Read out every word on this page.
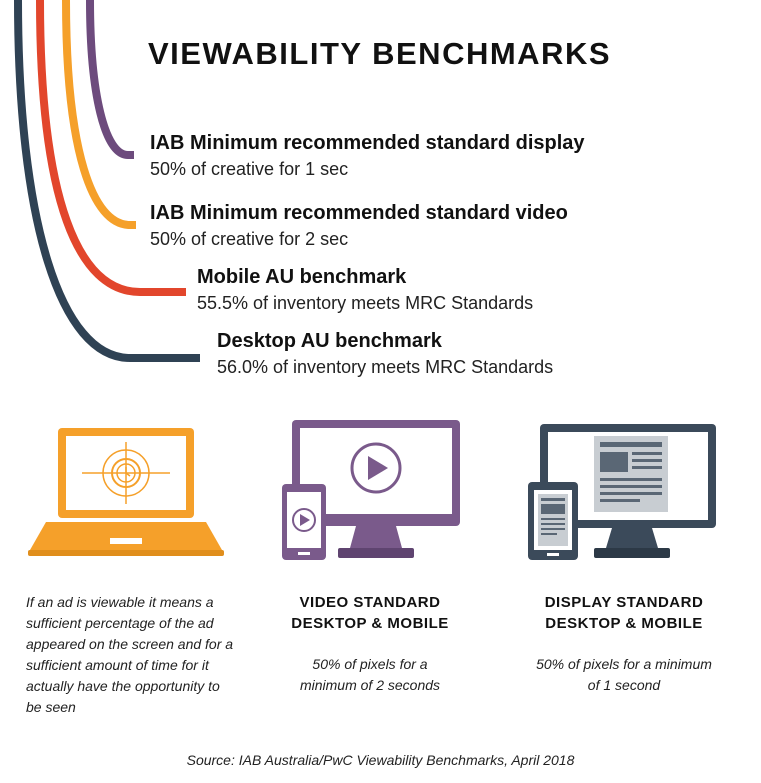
VIEWABILITY BENCHMARKS
IAB Minimum recommended standard display
50% of creative for 1 sec
IAB Minimum recommended standard video
50% of creative for 2 sec
Mobile AU benchmark
55.5% of inventory meets MRC Standards
Desktop AU benchmark
56.0% of inventory meets MRC Standards
If an ad is viewable it means a sufficient percentage of the ad appeared on the screen and for a sufficient amount of time for it actually have the opportunity to be seen
VIDEO STANDARD
DESKTOP & MOBILE
50% of pixels for a minimum of 2 seconds
DISPLAY STANDARD
DESKTOP & MOBILE
50% of pixels for a minimum of 1 second
Source: IAB Australia/PwC Viewability Benchmarks, April 2018
